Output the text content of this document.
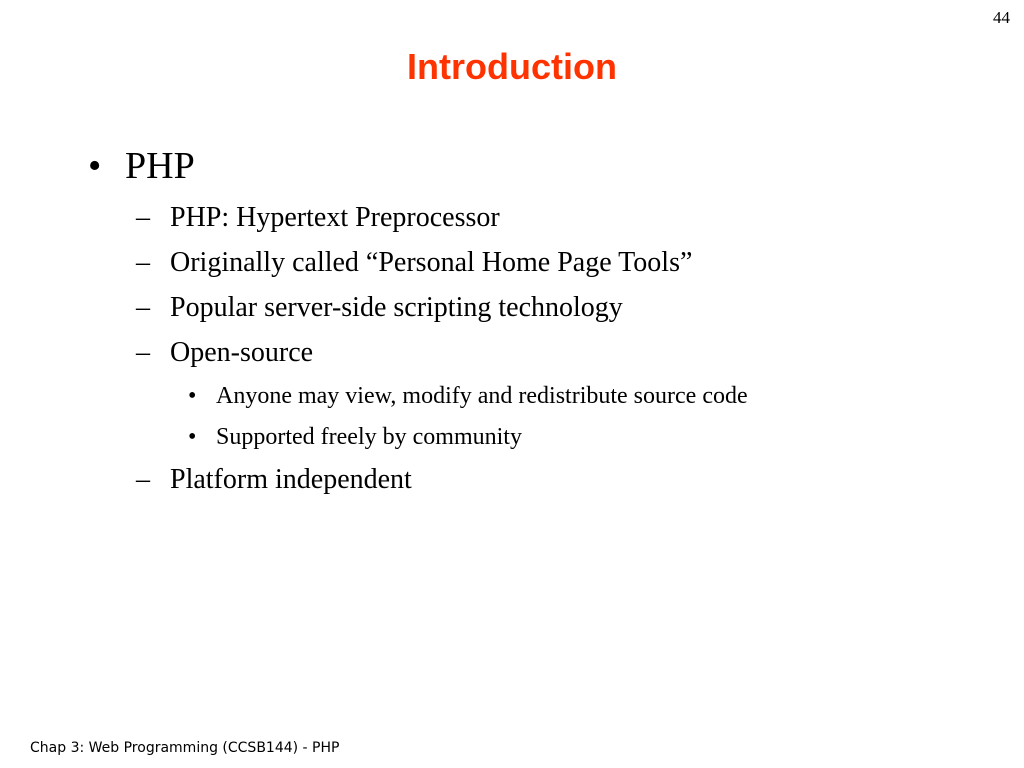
44
Introduction
• PHP
– PHP: Hypertext Preprocessor
– Originally called “Personal Home Page Tools”
– Popular server-side scripting technology
– Open-source
• Anyone may view, modify and redistribute source code
• Supported freely by community
– Platform independent
Chap 3: Web Programming (CCSB144) - PHP
